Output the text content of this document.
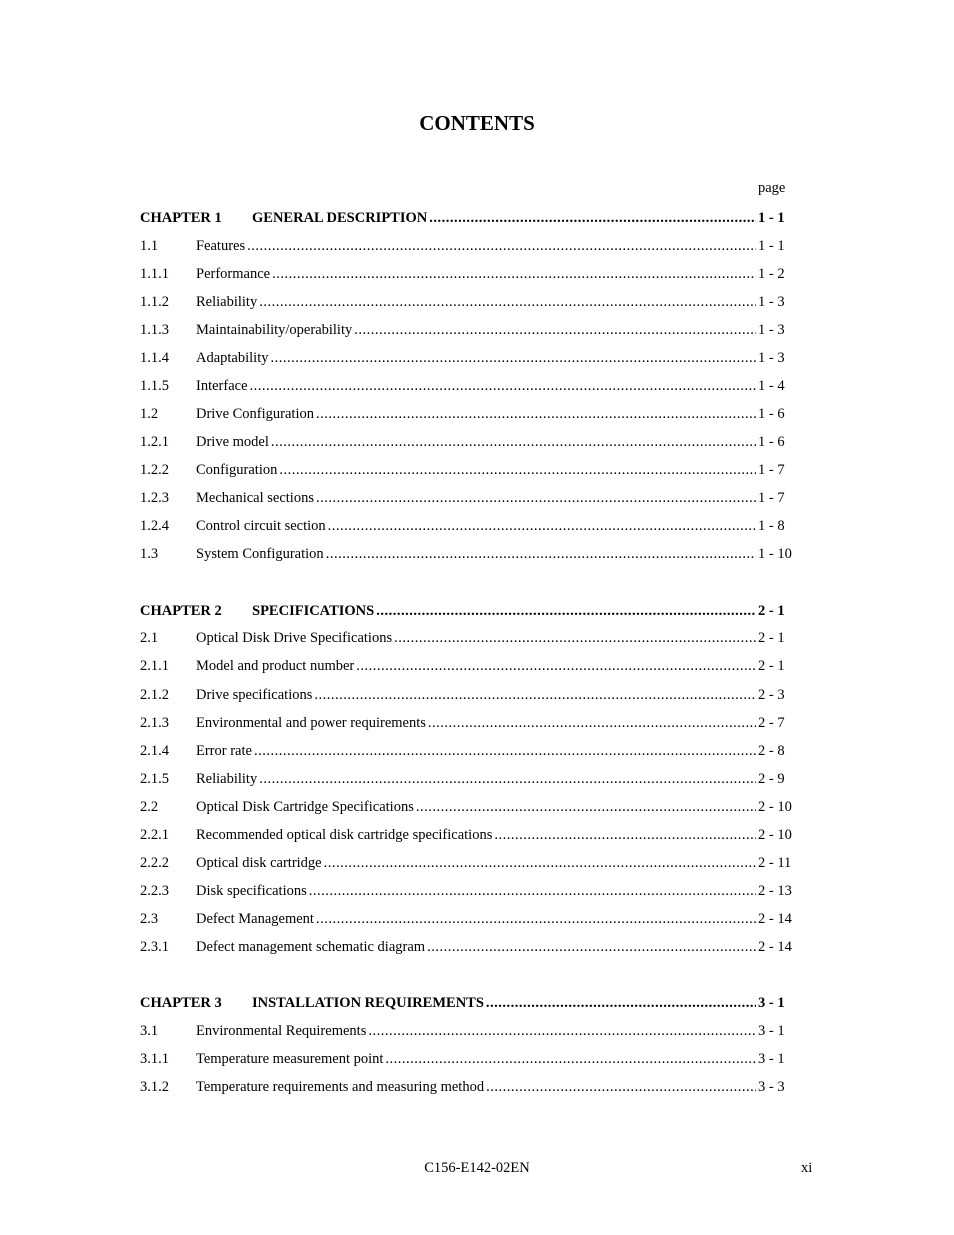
CONTENTS
page
CHAPTER 1	GENERAL DESCRIPTION .....	1 - 1
1.1	Features .....	1 - 1
1.1.1	Performance .....	1 - 2
1.1.2	Reliability .....	1 - 3
1.1.3	Maintainability/operability .....	1 - 3
1.1.4	Adaptability .....	1 - 3
1.1.5	Interface .....	1 - 4
1.2	Drive Configuration .....	1 - 6
1.2.1	Drive model .....	1 - 6
1.2.2	Configuration .....	1 - 7
1.2.3	Mechanical sections .....	1 - 7
1.2.4	Control circuit section .....	1 - 8
1.3	System Configuration .....	1 - 10
CHAPTER 2	SPECIFICATIONS .....	2 - 1
2.1	Optical Disk Drive Specifications .....	2 - 1
2.1.1	Model and product number .....	2 - 1
2.1.2	Drive specifications .....	2 - 3
2.1.3	Environmental and power requirements .....	2 - 7
2.1.4	Error rate .....	2 - 8
2.1.5	Reliability .....	2 - 9
2.2	Optical Disk Cartridge Specifications .....	2 - 10
2.2.1	Recommended optical disk cartridge specifications .....	2 - 10
2.2.2	Optical disk cartridge .....	2 - 11
2.2.3	Disk specifications .....	2 - 13
2.3	Defect Management .....	2 - 14
2.3.1	Defect management schematic diagram .....	2 - 14
CHAPTER 3	INSTALLATION REQUIREMENTS .....	3 - 1
3.1	Environmental Requirements .....	3 - 1
3.1.1	Temperature measurement point .....	3 - 1
3.1.2	Temperature requirements and measuring method .....	3 - 3
C156-E142-02EN	xi
